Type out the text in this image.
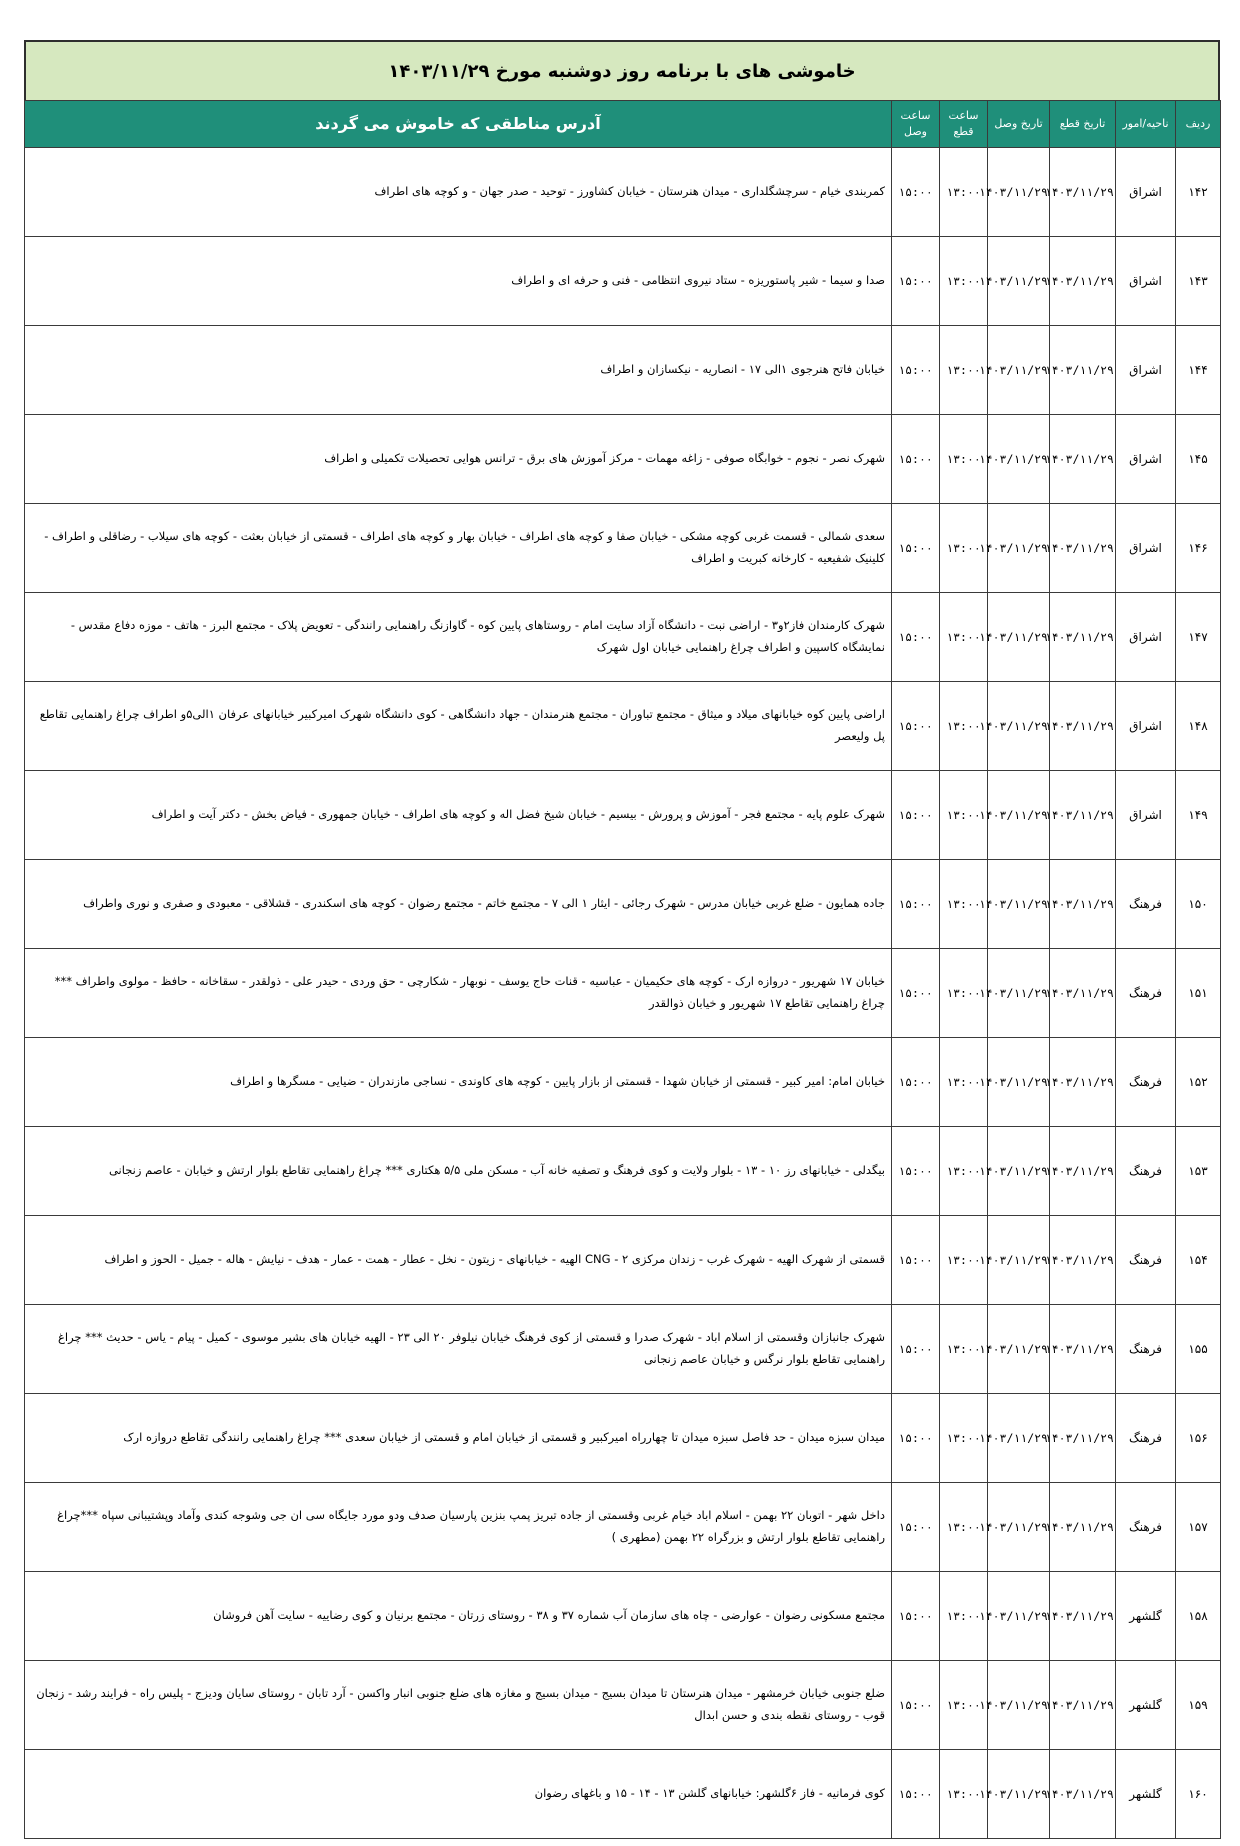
خاموشی های با برنامه روز دوشنبه مورخ ۱۴۰۳/۱۱/۲۹
ردیف	ناحیه/امور	تاریخ قطع	تاریخ وصل	ساعت قطع	ساعت وصل	آدرس مناطقی که خاموش می گردند
۱۴۲	اشراق	۱۴۰۳/۱۱/۲۹	۱۴۰۳/۱۱/۲۹	۱۳:۰۰	۱۵:۰۰	کمربندی خیام - سرچشگلداری - میدان هنرستان - خیابان کشاورز - توحید - صدر جهان - و کوچه های اطراف
۱۴۳	اشراق	۱۴۰۳/۱۱/۲۹	۱۴۰۳/۱۱/۲۹	۱۳:۰۰	۱۵:۰۰	صدا و سیما - شیر پاستوریزه - ستاد نیروی انتظامی - فنی و حرفه ای و اطراف
۱۴۴	اشراق	۱۴۰۳/۱۱/۲۹	۱۴۰۳/۱۱/۲۹	۱۳:۰۰	۱۵:۰۰	خیابان فاتح هنرجوی ۱الی ۱۷ - انصاریه - نیکسازان و اطراف
۱۴۵	اشراق	۱۴۰۳/۱۱/۲۹	۱۴۰۳/۱۱/۲۹	۱۳:۰۰	۱۵:۰۰	شهرک نصر - نجوم - خوابگاه صوفی - زاغه مهمات - مرکز آموزش های برق - ترانس هوایی تحصیلات تکمیلی و اطراف
۱۴۶	اشراق	۱۴۰۳/۱۱/۲۹	۱۴۰۳/۱۱/۲۹	۱۳:۰۰	۱۵:۰۰	سعدی شمالی - قسمت غربی کوچه مشکی - خیابان صفا و کوچه های اطراف - خیابان بهار و کوچه های اطراف - قسمتی از خیابان بعثت - کوچه های سیلاب - رضاقلی و اطراف - کلینیک شفیعیه - کارخانه کبریت و اطراف
۱۴۷	اشراق	۱۴۰۳/۱۱/۲۹	۱۴۰۳/۱۱/۲۹	۱۳:۰۰	۱۵:۰۰	شهرک کارمندان فاز۲و۳ - اراضی نبت - دانشگاه آزاد سایت امام - روستاهای پایین کوه - گاوازنگ راهنمایی رانندگی - تعویض پلاک - مجتمع البرز - هاتف - موزه دفاع مقدس - نمایشگاه کاسپین و اطراف چراغ راهنمایی خیابان اول شهرک
۱۴۸	اشراق	۱۴۰۳/۱۱/۲۹	۱۴۰۳/۱۱/۲۹	۱۳:۰۰	۱۵:۰۰	اراضی پایین کوه خیابانهای میلاد و میثاق - مجتمع تباوران - مجتمع هنرمندان - جهاد دانشگاهی - کوی دانشگاه شهرک امیرکبیر خیابانهای عرفان ۱الی۵و اطراف چراغ راهنمایی تقاطع پل ولیعصر
۱۴۹	اشراق	۱۴۰۳/۱۱/۲۹	۱۴۰۳/۱۱/۲۹	۱۳:۰۰	۱۵:۰۰	شهرک علوم پایه - مجتمع فجر - آموزش و پرورش - بیسیم - خیابان شیخ فضل اله و کوچه های اطراف - خیابان جمهوری - فیاض بخش - دکتر آیت و اطراف
۱۵۰	فرهنگ	۱۴۰۳/۱۱/۲۹	۱۴۰۳/۱۱/۲۹	۱۳:۰۰	۱۵:۰۰	جاده همایون - ضلع غربی خیابان مدرس - شهرک رجائی - ایثار ۱ الی ۷ - مجتمع خاتم - مجتمع رضوان - کوچه های اسکندری - قشلاقی - معبودی و صفری و نوری واطراف
۱۵۱	فرهنگ	۱۴۰۳/۱۱/۲۹	۱۴۰۳/۱۱/۲۹	۱۳:۰۰	۱۵:۰۰	خیابان ۱۷ شهریور - دروازه ارک - کوچه های حکیمیان - عباسیه - قنات حاج یوسف - نوبهار - شکارچی - حق وردی - حیدر علی - ذولقدر - سقاخانه - حافظ - مولوی واطراف *** چراغ راهنمایی تقاطع ۱۷ شهریور و خیابان ذوالقدر
۱۵۲	فرهنگ	۱۴۰۳/۱۱/۲۹	۱۴۰۳/۱۱/۲۹	۱۳:۰۰	۱۵:۰۰	خیابان امام: امیر کبیر - قسمتی از خیابان شهدا - قسمتی از بازار پایین - کوچه های کاوندی - نساجی مازندران - ضیایی - مسگرها و اطراف
۱۵۳	فرهنگ	۱۴۰۳/۱۱/۲۹	۱۴۰۳/۱۱/۲۹	۱۳:۰۰	۱۵:۰۰	بیگدلی - خیابانهای رز ۱۰ - ۱۳ - بلوار ولایت و کوی فرهنگ و تصفیه خانه آب - مسکن ملی ۵/۵ هکتاری *** چراغ راهنمایی تقاطع بلوار ارتش و خیابان - عاصم زنجانی
۱۵۴	فرهنگ	۱۴۰۳/۱۱/۲۹	۱۴۰۳/۱۱/۲۹	۱۳:۰۰	۱۵:۰۰	قسمتی از شهرک الهیه - شهرک غرب - زندان مرکزی ۲ - CNG الهیه - خیابانهای - زیتون - نخل - عطار - همت - عمار - هدف - نیایش - هاله - جمیل - الحوز و اطراف
۱۵۵	فرهنگ	۱۴۰۳/۱۱/۲۹	۱۴۰۳/۱۱/۲۹	۱۳:۰۰	۱۵:۰۰	شهرک جانبازان وقسمتی از اسلام اباد - شهرک صدرا و قسمتی از کوی فرهنگ خیابان نیلوفر ۲۰ الی ۲۳ - الهیه خیابان های بشیر موسوی - کمیل - پیام - یاس - حدیث *** چراغ راهنمایی تقاطع بلوار نرگس و خیابان عاصم زنجانی
۱۵۶	فرهنگ	۱۴۰۳/۱۱/۲۹	۱۴۰۳/۱۱/۲۹	۱۳:۰۰	۱۵:۰۰	میدان سبزه میدان - حد فاصل سبزه میدان تا چهارراه امیرکبیر و قسمتی از خیابان امام و قسمتی از خیابان سعدی *** چراغ راهنمایی رانندگی تقاطع دروازه ارک
۱۵۷	فرهنگ	۱۴۰۳/۱۱/۲۹	۱۴۰۳/۱۱/۲۹	۱۳:۰۰	۱۵:۰۰	داخل شهر - اتوبان ۲۲ بهمن - اسلام اباد خیام غربی وقسمتی از جاده تبریز پمپ بنزین پارسیان صدف ودو مورد جایگاه سی ان جی وشوجه کندی وآماد وپشتیبانی سپاه ***چراغ راهنمایی تقاطع بلوار ارتش و بزرگراه ۲۲ بهمن (مطهری )
۱۵۸	گلشهر	۱۴۰۳/۱۱/۲۹	۱۴۰۳/۱۱/۲۹	۱۳:۰۰	۱۵:۰۰	مجتمع مسکونی رضوان - عوارضی - چاه های سازمان آب شماره ۳۷ و ۳۸ - روستای زرتان - مجتمع برنیان و کوی رضاییه - سایت آهن فروشان
۱۵۹	گلشهر	۱۴۰۳/۱۱/۲۹	۱۴۰۳/۱۱/۲۹	۱۳:۰۰	۱۵:۰۰	ضلع جنوبی خیابان خرمشهر - میدان هنرستان تا میدان بسیج - میدان بسیج و مغازه های ضلع جنوبی انبار واکسن - آرد تابان - روستای سایان ودیزج - پلیس راه - فرایند رشد - زنجان قوب - روستای نقطه بندی و حسن ابدال
۱۶۰	گلشهر	۱۴۰۳/۱۱/۲۹	۱۴۰۳/۱۱/۲۹	۱۳:۰۰	۱۵:۰۰	کوی فرمانیه - فاز ۶گلشهر: خیابانهای گلشن ۱۳ - ۱۴ - ۱۵ و باغهای رضوان
